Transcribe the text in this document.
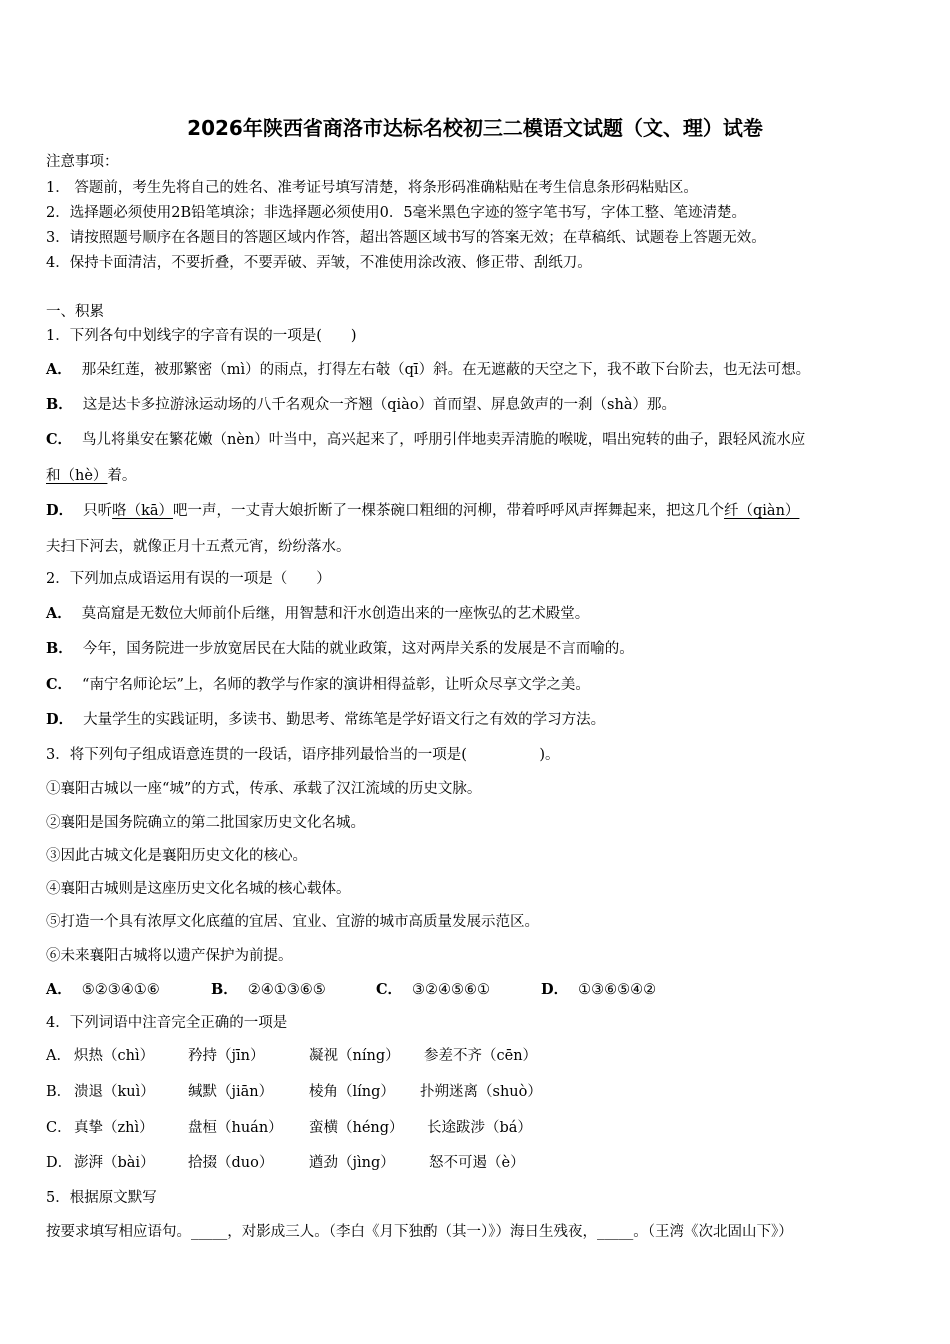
2026年陕西省商洛市达标名校初三二模语文试题（文、理）试卷
注意事项：
1． 答题前，考生先将自己的姓名、准考证号填写清楚，将条形码准确粘贴在考生信息条形码粘贴区。
2．选择题必须使用2B铅笔填涂；非选择题必须使用0．5毫米黑色字迹的签字笔书写，字体工整、笔迹清楚。
3．请按照题号顺序在各题目的答题区域内作答，超出答题区域书写的答案无效；在草稿纸、试题卷上答题无效。
4．保持卡面清洁，不要折叠，不要弄破、弄皱，不准使用涂改液、修正带、刮纸刀。
一、积累
1．下列各句中划线字的字音有误的一项是(　　)
A． 那朵红莲，被那繁密（mì）的雨点，打得左右攲（qī）斜。在无遮蔽的天空之下，我不敢下台阶去，也无法可想。
B． 这是达卡多拉游泳运动场的八千名观众一齐翘（qiào）首而望、屏息敛声的一刹（shà）那。
C． 鸟儿将巢安在繁花嫩（nèn）叶当中，高兴起来了，呼朋引伴地卖弄清脆的喉咙，唱出宛转的曲子，跟轻风流水应
和（hè）着。
D． 只听咯（kā）吧一声，一丈青大娘折断了一棵茶碗口粗细的河柳，带着呼呼风声挥舞起来，把这几个纤（qiàn）
夫扫下河去，就像正月十五煮元宵，纷纷落水。
2．下列加点成语运用有误的一项是（　　）
A． 莫高窟是无数位大师前仆后继，用智慧和汗水创造出来的一座恢弘的艺术殿堂。
B． 今年，国务院进一步放宽居民在大陆的就业政策，这对两岸关系的发展是不言而喻的。
C． “南宁名师论坛”上，名师的教学与作家的演讲相得益彰，让听众尽享文学之美。
D． 大量学生的实践证明，多读书、勤思考、常练笔是学好语文行之有效的学习方法。
3．将下列句子组成语意连贯的一段话，语序排列最恰当的一项是(　　　　　)。
①襄阳古城以一座“城”的方式，传承、承载了汉江流域的历史文脉。
②襄阳是国务院确立的第二批国家历史文化名城。
③因此古城文化是襄阳历史文化的核心。
④襄阳古城则是这座历史文化名城的核心载体。
⑤打造一个具有浓厚文化底蕴的宜居、宜业、宜游的城市高质量发展示范区。
⑥未来襄阳古城将以遗产保护为前提。
A． ⑤②③④①⑥	B． ②④①③⑥⑤	C． ③②④⑤⑥①	D． ①③⑥⑤④②
4．下列词语中注音完全正确的一项是
A． 炽热（chì） 矜持（jīn）	凝视（níng） 参差不齐（cēn）
B． 溃退（kuì） 缄默（jiān） 棱角（líng） 扑朔迷离（shuò）
C． 真挚（zhì） 盘桓（huán） 蛮横（héng） 长途跋涉（bá）
D． 澎湃（bài） 拾掇（duo） 遒劲（jìng） 怒不可遏（è）
5．根据原文默写
按要求填写相应语句。_____，对影成三人。（李白《月下独酌（其一）》）海日生残夜，_____。（王湾《次北固山下》）
